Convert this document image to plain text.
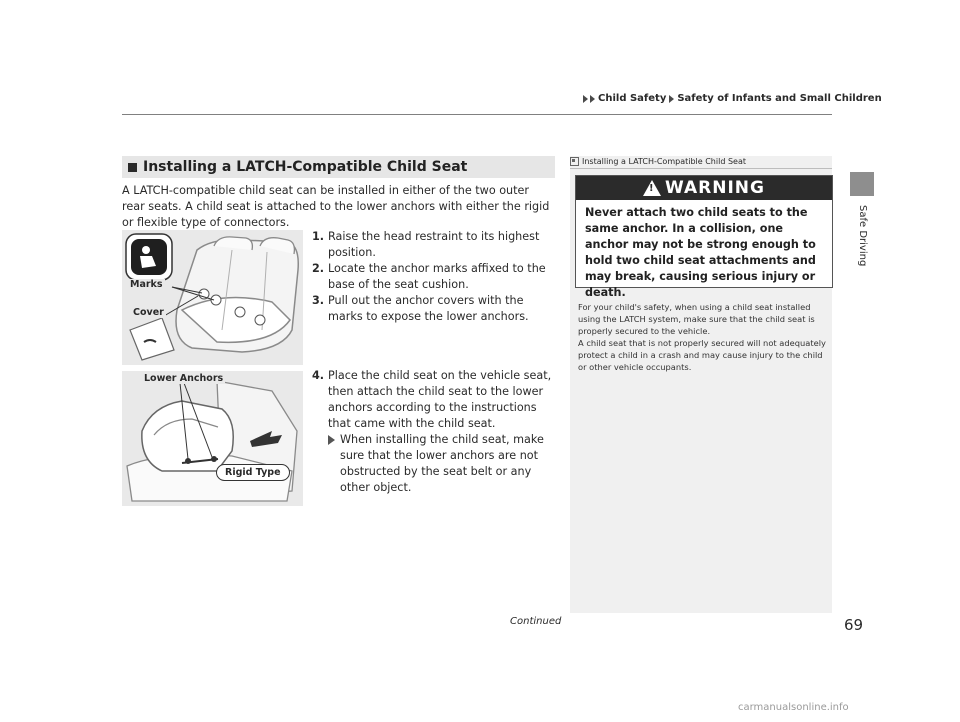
Child Safety Safety of Infants and Small Children
Safe Driving
Installing a LATCH-Compatible Child Seat
A LATCH-compatible child seat can be installed in either of the two outer rear seats. A child seat is attached to the lower anchors with either the rigid or flexible type of connectors.
Marks
Cover
1. Raise the head restraint to its highest position.
2. Locate the anchor marks affixed to the base of the seat cushion.
3. Pull out the anchor covers with the marks to expose the lower anchors.
Lower Anchors
Rigid Type
4. Place the child seat on the vehicle seat, then attach the child seat to the lower anchors according to the instructions that came with the child seat.
When installing the child seat, make sure that the lower anchors are not obstructed by the seat belt or any other object.
Installing a LATCH-Compatible Child Seat
! WARNING
Never attach two child seats to the same anchor. In a collision, one anchor may not be strong enough to hold two child seat attachments and may break, causing serious injury or death.
For your child's safety, when using a child seat installed using the LATCH system, make sure that the child seat is properly secured to the vehicle.
A child seat that is not properly secured will not adequately protect a child in a crash and may cause injury to the child or other vehicle occupants.
Continued	69
carmanualsonline.info
